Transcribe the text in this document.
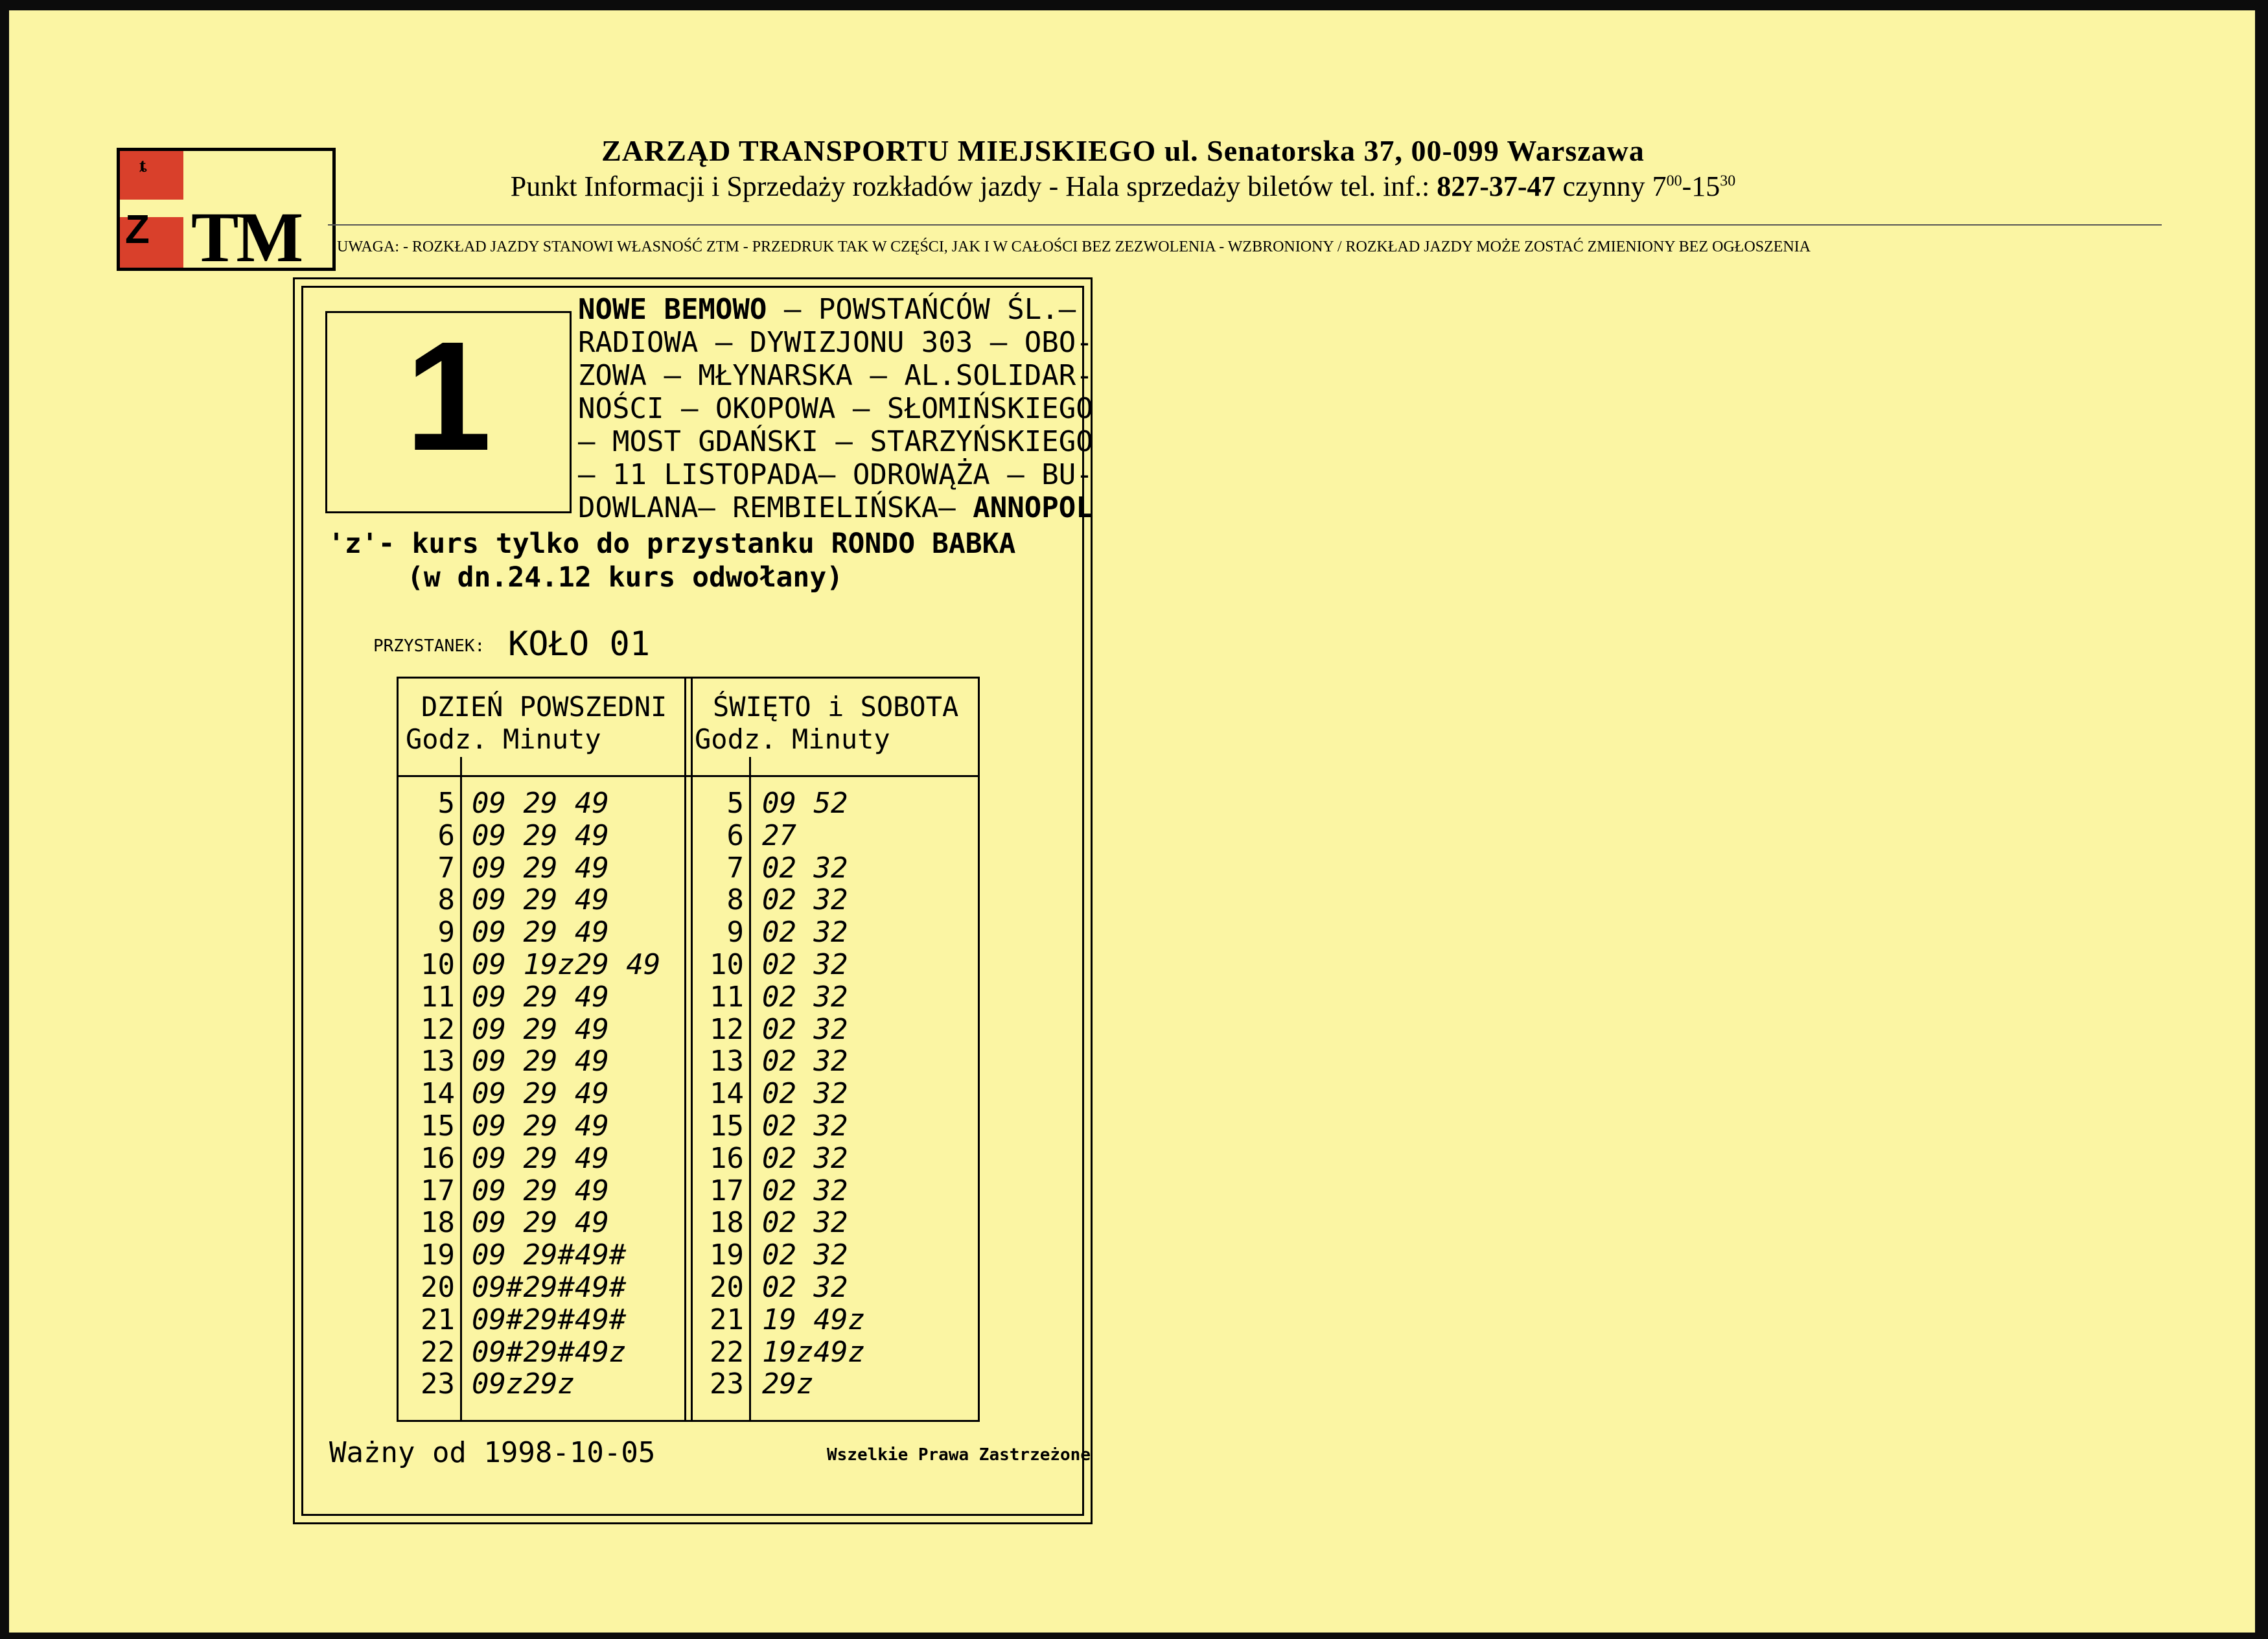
ȶ
Z TM
ZARZĄD TRANSPORTU MIEJSKIEGO ul. Senatorska 37, 00-099 Warszawa
Punkt Informacji i Sprzedaży rozkładów jazdy - Hala sprzedaży biletów tel. inf.: 827-37-47 czynny $7^{00}-15^{30}$
UWAGA: - ROZKŁAD JAZDY STANOWI WŁASNOŚĆ ZTM - PRZEDRUK TAK W CZĘŚCI, JAK I W CAŁOŚCI BEZ ZEZWOLENIA - WZBRONIONY / ROZKŁAD JAZDY MOŻE ZOSTAĆ ZMIENIONY BEZ OGŁOSZENIA
1	NOWE BEMOWO – POWSTAŃCÓW ŚL.–
RADIOWA – DYWIZJONU 303 – OBO-
ZOWA – MŁYNARSKA – AL.SOLIDAR-
NOŚCI – OKOPOWA – SŁOMIŃSKIEGO
– MOST GDAŃSKI – STARZYŃSKIEGO
– 11 LISTOPADA– ODROWĄŻA – BU-
DOWLANA– REMBIELIŃSKA– ANNOPOL
'z'- kurs tylko do przystanku RONDO BABKA
(w dn.24.12 kurs odwołany)
PRZYSTANEK: KOŁO 01
DZIEŃ POWSZEDNI
Godz. Minuty
ŚWIĘTO i SOBOTA
Godz. Minuty
5 09 29 49	5 09 52
6 09 29 49	6 27
7 09 29 49	7 02 32
8 09 29 49	8 02 32
9 09 29 49	9 02 32
10 09 19z29 49	10 02 32
11 09 29 49	11 02 32
12 09 29 49	12 02 32
13 09 29 49	13 02 32
14 09 29 49	14 02 32
15 09 29 49	15 02 32
16 09 29 49	16 02 32
17 09 29 49	17 02 32
18 09 29 49	18 02 32
19 09 29#49#	19 02 32
20 09#29#49#	20 02 32
21 09#29#49#	21 19 49z
22 09#29#49z	22 19z49z
23 09z29z	23 29z
Ważny od 1998-10-05	Wszelkie Prawa Zastrzeżone
